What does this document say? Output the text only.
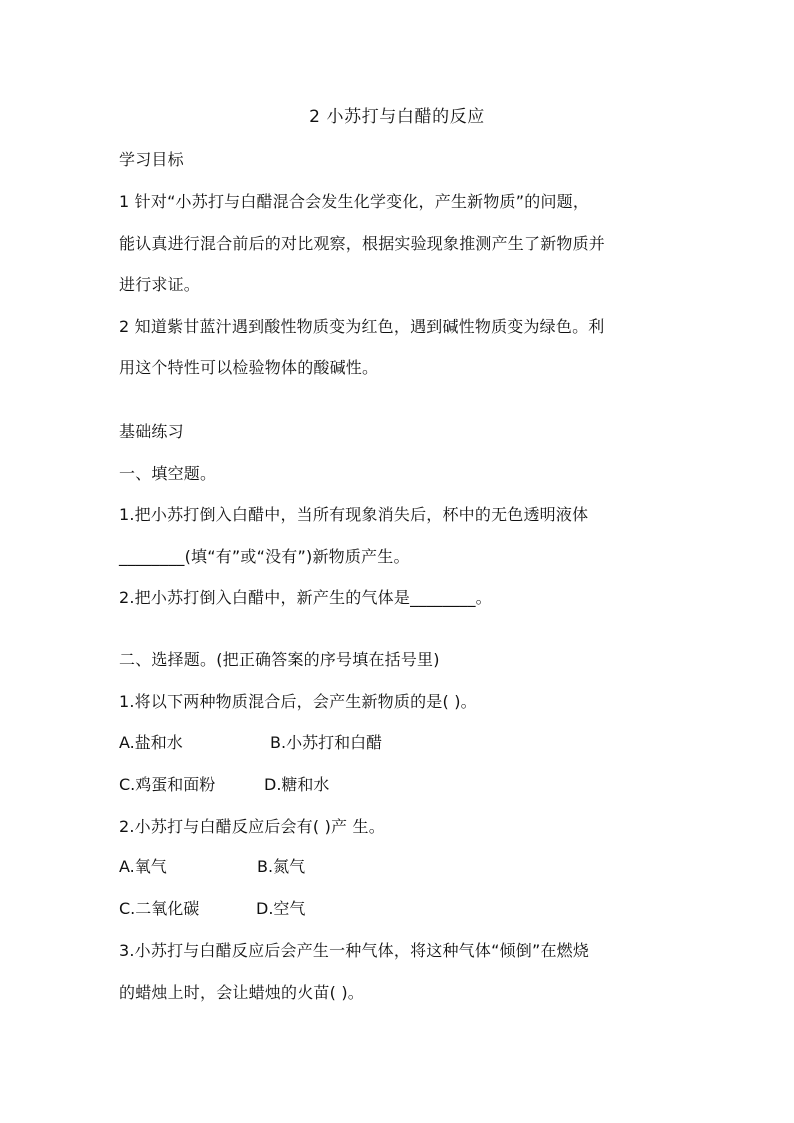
2 小苏打与白醋的反应
学习目标
1 针对“小苏打与白醋混合会发生化学变化，产生新物质”的问题，
能认真进行混合前后的对比观察，根据实验现象推测产生了新物质并
进行求证。
2 知道紫甘蓝汁遇到酸性物质变为红色，遇到碱性物质变为绿色。利
用这个特性可以检验物体的酸碱性。
基础练习
一、填空题。
1.把小苏打倒入白醋中，当所有现象消失后，杯中的无色透明液体
________(填“有”或“没有”)新物质产生。
2.把小苏打倒入白醋中，新产生的气体是________。
二、选择题。(把正确答案的序号填在括号里)
1.将以下两种物质混合后，会产生新物质的是( )。
A.盐和水	B.小苏打和白醋
C.鸡蛋和面粉	D.糖和水
2.小苏打与白醋反应后会有( )产 生。
A.氧气	B.氮气
C.二氧化碳	D.空气
3.小苏打与白醋反应后会产生一种气体，将这种气体“倾倒”在燃烧
的蜡烛上时，会让蜡烛的火苗( )。
